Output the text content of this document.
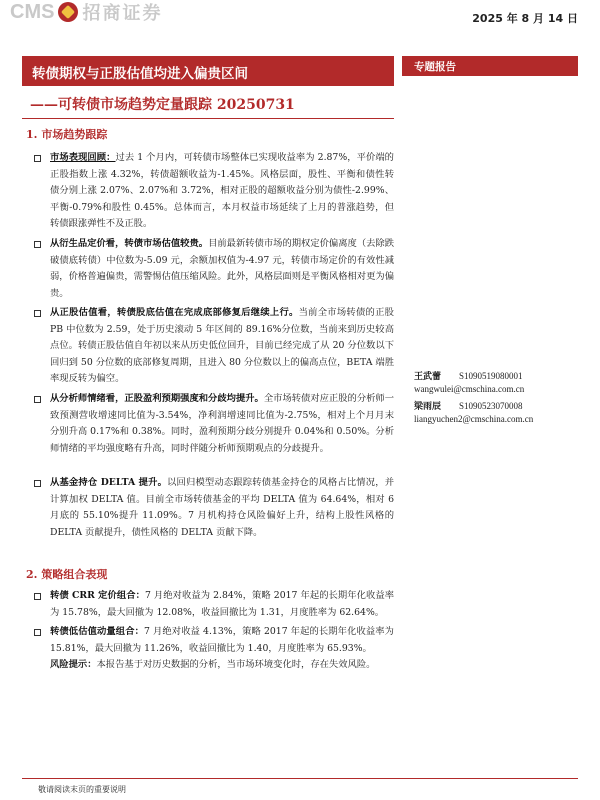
CMS 招商证券	2025 年 8 月 14 日
转债期权与正股估值均进入偏贵区间
——可转债市场趋势定量跟踪 20250731
专题报告
1. 市场趋势跟踪
市场表现回顾：过去 1 个月内，可转债市场整体已实现收益率为 2.87%，平价端的正股指数上涨 4.32%，转债超额收益为-1.45%。风格层面，股性、平衡和债性转债分别上涨 2.07%、2.07%和 3.72%，相对正股的超额收益分别为债性-2.99%、平衡-0.79%和股性 0.45%。总体而言，本月权益市场延续了上月的普涨趋势，但转债跟涨弹性不及正股。
从衍生品定价看，转债市场估值较贵。目前最新转债市场的期权定价偏离度（去除跌破债底转债）中位数为-5.09 元，余额加权值为-4.97 元，转债市场定价的有效性减弱，价格普遍偏贵，需警惕估值压缩风险。此外，风格层面则是平衡风格相对更为偏贵。
从正股估值看，转债股底估值在完成底部修复后继续上行。当前全市场转债的正股 PB 中位数为 2.59，处于历史滚动 5 年区间的 89.16%分位数，当前来到历史较高点位。转债正股估值自年初以来从历史低位回升，目前已经完成了从 20 分位数以下回归到 50 分位数的底部修复周期，且进入 80 分位数以上的偏高点位，BETA 端胜率现反转为偏空。
从分析师情绪看，正股盈利预期强度和分歧均提升。全市场转债对应正股的分析师一致预测营收增速同比值为-3.54%，净利润增速同比值为-2.75%，相对上个月月末分别升高 0.17%和 0.38%。同时，盈利预期分歧分别提升 0.04%和 0.50%。分析师情绪的平均强度略有升高，同时伴随分析师预期观点的分歧提升。
从基金持仓 DELTA 提升。以回归模型动态跟踪转债基金持仓的风格占比情况，并计算加权 DELTA 值。目前全市场转债基金的平均 DELTA 值为 64.64%，相对 6 月底的 55.10%提升 11.09%。7 月机构持仓风险偏好上升，结构上股性风格的 DELTA 贡献提升，债性风格的 DELTA 贡献下降。
2. 策略组合表现
转债 CRR 定价组合：7 月绝对收益为 2.84%，策略 2017 年起的长期年化收益率为 15.78%，最大回撤为 12.08%，收益回撤比为 1.31，月度胜率为 62.64%。
转债低估值动量组合：7 月绝对收益 4.13%，策略 2017 年起的长期年化收益率为 15.81%，最大回撤为 11.26%，收益回撤比为 1.40，月度胜率为 65.93%。
风险提示：本报告基于对历史数据的分析，当市场环境变化时，存在失效风险。
王武蕾 S1090519080001
wangwulei@cmschina.com.cn
梁雨辰 S1090523070008
liangyuchen2@cmschina.com.cn
敬请阅读末页的重要说明
